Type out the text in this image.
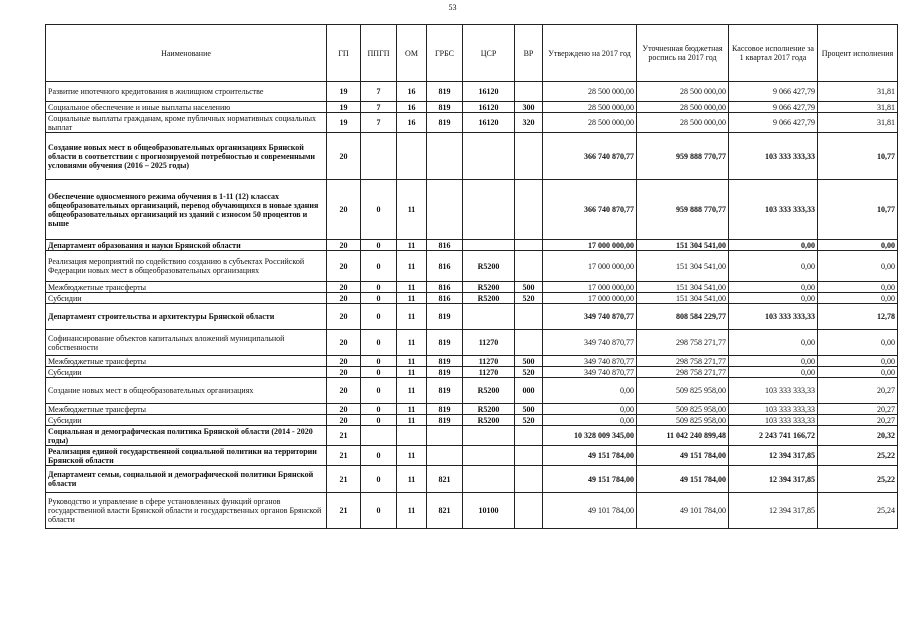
53
Наименование	ГП	ППГП	ОМ	ГРБС	ЦСР	ВР	Утверждено на 2017 год	Уточненная бюджетная роспись на 2017 год	Кассовое исполнение за 1 квартал 2017 года	Процент исполнения
Развитие ипотечного кредитования в жилищном строительстве	19	7	16	819	16120		28 500 000,00	28 500 000,00	9 066 427,79	31,81
Социальное обеспечение и иные выплаты населению	19	7	16	819	16120	300	28 500 000,00	28 500 000,00	9 066 427,79	31,81
Социальные выплаты гражданам, кроме публичных нормативных социальных выплат	19	7	16	819	16120	320	28 500 000,00	28 500 000,00	9 066 427,79	31,81
Создание новых мест в общеобразовательных организациях Брянской области в соответствии с прогнозируемой потребностью и современными условиями обучения (2016 – 2025 годы)	20						366 740 870,77	959 888 770,77	103 333 333,33	10,77
Обеспечение односменного режима обучения в 1-11 (12) классах общеобразовательных организаций, перевод обучающихся в новые здания общеобразовательных организаций из зданий с износом 50 процентов и выше	20	0	11				366 740 870,77	959 888 770,77	103 333 333,33	10,77
Департамент образования и науки Брянской области	20	0	11	816			17 000 000,00	151 304 541,00	0,00	0,00
Реализация мероприятий по содействию созданию в субъектах Российской Федерации новых мест в общеобразовательных организациях	20	0	11	816	R5200		17 000 000,00	151 304 541,00	0,00	0,00
Межбюджетные трансферты	20	0	11	816	R5200	500	17 000 000,00	151 304 541,00	0,00	0,00
Субсидии	20	0	11	816	R5200	520	17 000 000,00	151 304 541,00	0,00	0,00
Департамент строительства и архитектуры Брянской области	20	0	11	819			349 740 870,77	808 584 229,77	103 333 333,33	12,78
Софинансирование объектов капитальных вложений муниципальной собственности	20	0	11	819	11270		349 740 870,77	298 758 271,77	0,00	0,00
Межбюджетные трансферты	20	0	11	819	11270	500	349 740 870,77	298 758 271,77	0,00	0,00
Субсидии	20	0	11	819	11270	520	349 740 870,77	298 758 271,77	0,00	0,00
Создание новых мест в общеобразовательных организациях	20	0	11	819	R5200	000	0,00	509 825 958,00	103 333 333,33	20,27
Межбюджетные трансферты	20	0	11	819	R5200	500	0,00	509 825 958,00	103 333 333,33	20,27
Субсидии	20	0	11	819	R5200	520	0,00	509 825 958,00	103 333 333,33	20,27
Социальная и демографическая политика Брянской области (2014 - 2020 годы)	21						10 328 009 345,00	11 042 240 899,48	2 243 741 166,72	20,32
Реализация единой государственной социальной политики на территории Брянской области	21	0	11				49 151 784,00	49 151 784,00	12 394 317,85	25,22
Департамент семьи, социальной и демографической политики Брянской области	21	0	11	821			49 151 784,00	49 151 784,00	12 394 317,85	25,22
Руководство и управление в сфере установленных функций органов государственной власти Брянской области и государственных органов Брянской области	21	0	11	821	10100		49 101 784,00	49 101 784,00	12 394 317,85	25,24
